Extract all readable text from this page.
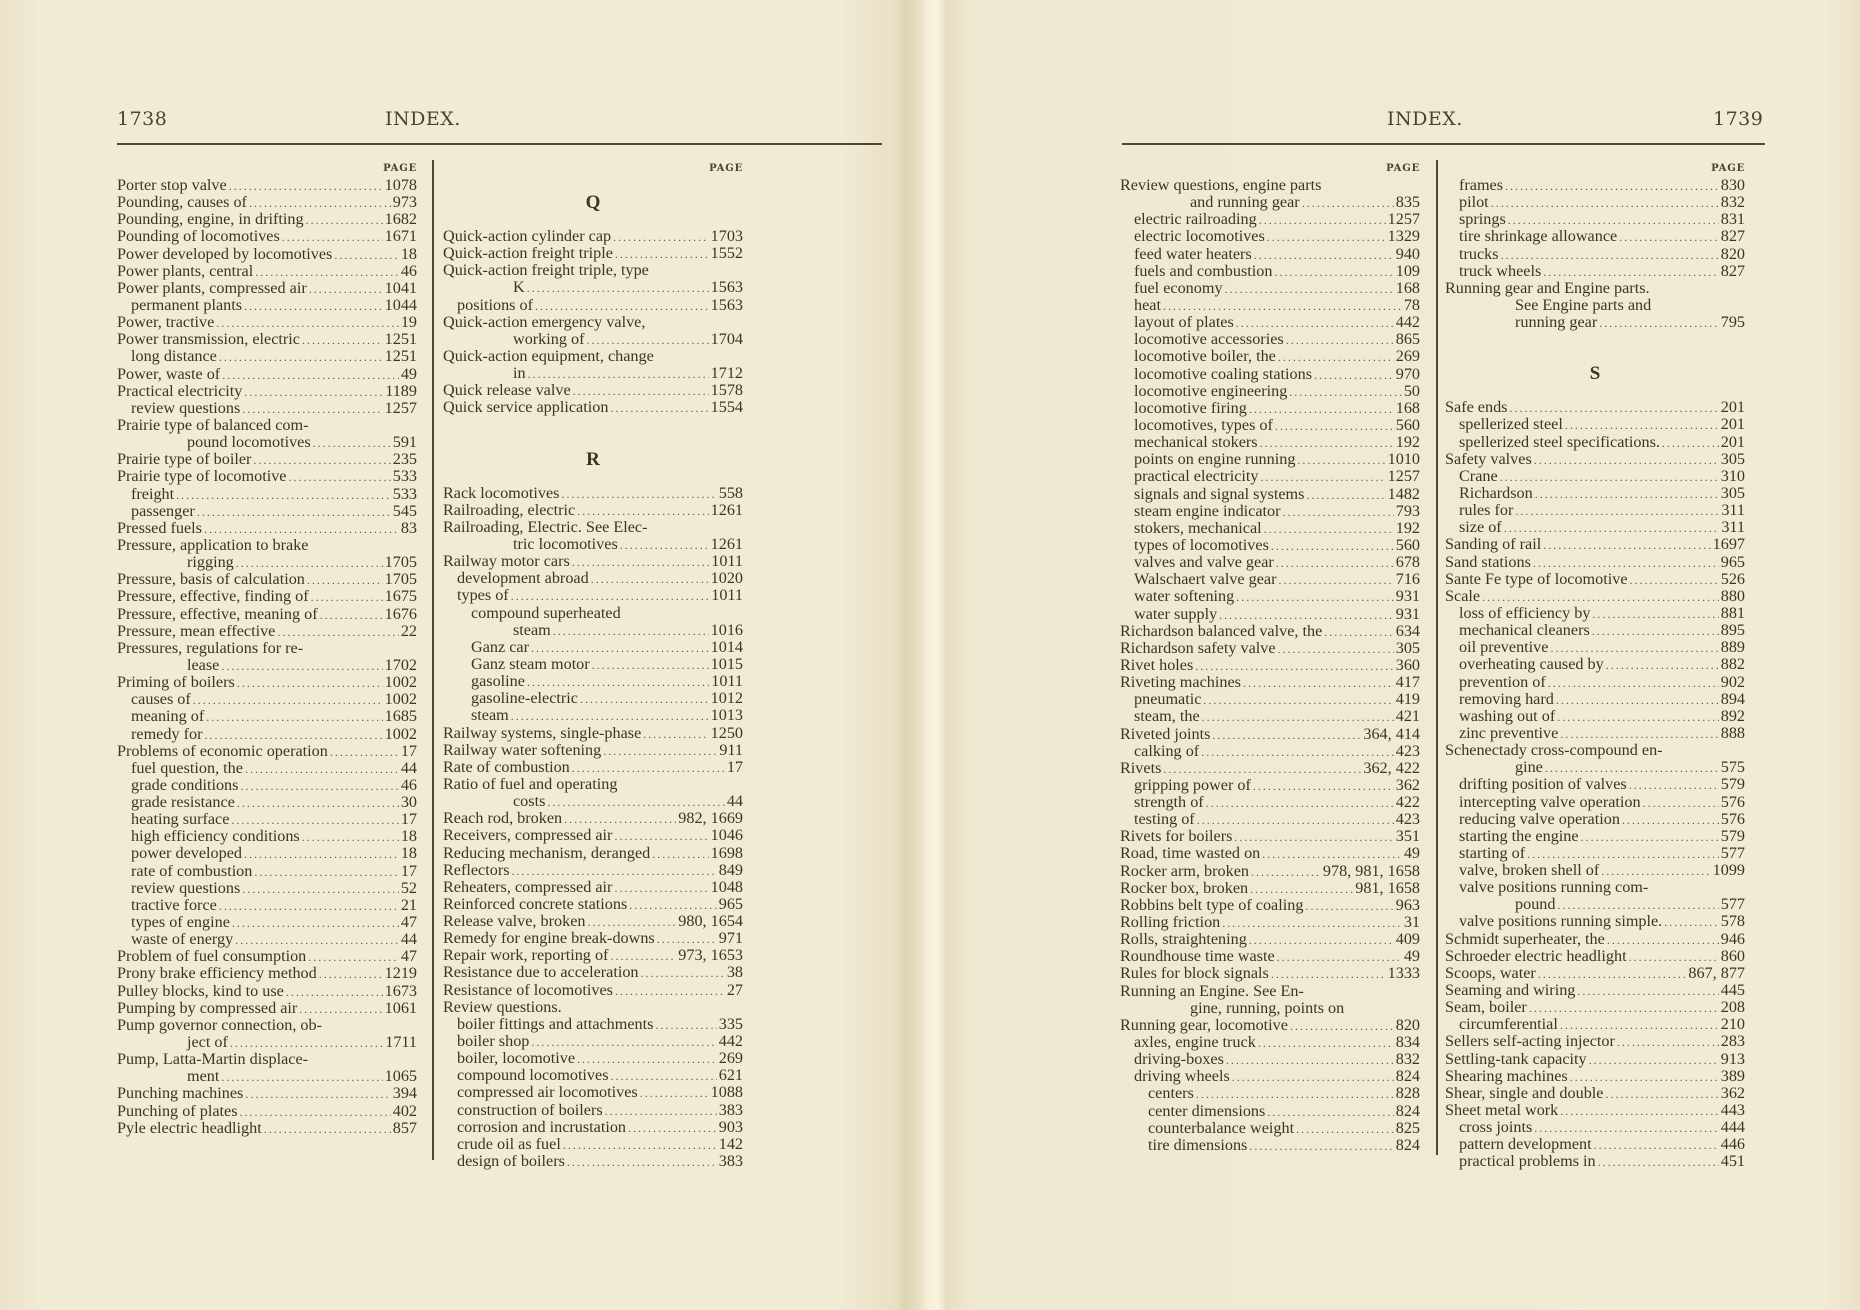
1738	INDEX.
PAGE
Porter stop valve .....	1078
Pounding, causes of .....	973
Pounding, engine, in drifting .....	1682
Pounding of locomotives .....	1671
Power developed by locomotives .....	18
Power plants, central .....	46
Power plants, compressed air .....	1041
permanent plants .....	1044
Power, tractive .....	19
Power transmission, electric .....	1251
long distance .....	1251
Power, waste of .....	49
Practical electricity .....	1189
review questions .....	1257
Prairie type of balanced com-
pound locomotives .....	591
Prairie type of boiler .....	235
Prairie type of locomotive .....	533
freight .....	533
passenger .....	545
Pressed fuels .....	83
Pressure, application to brake
rigging .....	1705
Pressure, basis of calculation .....	1705
Pressure, effective, finding of .....	1675
Pressure, effective, meaning of .....	1676
Pressure, mean effective .....	22
Pressures, regulations for re-
lease .....	1702
Priming of boilers .....	1002
causes of .....	1002
meaning of .....	1685
remedy for .....	1002
Problems of economic operation .....	17
fuel question, the .....	44
grade conditions .....	46
grade resistance .....	30
heating surface .....	17
high efficiency conditions .....	18
power developed .....	18
rate of combustion .....	17
review questions .....	52
tractive force .....	21
types of engine .....	47
waste of energy .....	44
Problem of fuel consumption .....	47
Prony brake efficiency method .....	1219
Pulley blocks, kind to use .....	1673
Pumping by compressed air .....	1061
Pump governor connection, ob-
ject of .....	1711
Pump, Latta-Martin displace-
ment .....	1065
Punching machines .....	394
Punching of plates .....	402
Pyle electric headlight .....	857
PAGE
Q
Quick-action cylinder cap .....	1703
Quick-action freight triple .....	1552
Quick-action freight triple, type
K .....	1563
positions of .....	1563
Quick-action emergency valve,
working of .....	1704
Quick-action equipment, change
in .....	1712
Quick release valve .....	1578
Quick service application .....	1554
R
Rack locomotives .....	558
Railroading, electric .....	1261
Railroading, Electric. See Elec-
tric locomotives .....	1261
Railway motor cars .....	1011
development abroad .....	1020
types of .....	1011
compound superheated
steam .....	1016
Ganz car .....	1014
Ganz steam motor .....	1015
gasoline .....	1011
gasoline-electric .....	1012
steam .....	1013
Railway systems, single-phase .....	1250
Railway water softening .....	911
Rate of combustion .....	17
Ratio of fuel and operating
costs .....	44
Reach rod, broken .....	982, 1669
Receivers, compressed air .....	1046
Reducing mechanism, deranged .....	1698
Reflectors .....	849
Reheaters, compressed air .....	1048
Reinforced concrete stations .....	965
Release valve, broken .....	980, 1654
Remedy for engine break-downs .....	971
Repair work, reporting of .....	973, 1653
Resistance due to acceleration .....	38
Resistance of locomotives .....	27
Review questions.
boiler fittings and attachments .....	335
boiler shop .....	442
boiler, locomotive .....	269
compound locomotives .....	621
compressed air locomotives .....	1088
construction of boilers .....	383
corrosion and incrustation .....	903
crude oil as fuel .....	142
design of boilers .....	383
INDEX.	1739
PAGE
Review questions, engine parts
and running gear .....	835
electric railroading .....	1257
electric locomotives .....	1329
feed water heaters .....	940
fuels and combustion .....	109
fuel economy .....	168
heat .....	78
layout of plates .....	442
locomotive accessories .....	865
locomotive boiler, the .....	269
locomotive coaling stations .....	970
locomotive engineering .....	50
locomotive firing .....	168
locomotives, types of .....	560
mechanical stokers .....	192
points on engine running .....	1010
practical electricity .....	1257
signals and signal systems .....	1482
steam engine indicator .....	793
stokers, mechanical .....	192
types of locomotives .....	560
valves and valve gear .....	678
Walschaert valve gear .....	716
water softening .....	931
water supply .....	931
Richardson balanced valve, the .....	634
Richardson safety valve .....	305
Rivet holes .....	360
Riveting machines .....	417
pneumatic .....	419
steam, the .....	421
Riveted joints .....	364, 414
calking of .....	423
Rivets .....	362, 422
gripping power of .....	362
strength of .....	422
testing of .....	423
Rivets for boilers .....	351
Road, time wasted on .....	49
Rocker arm, broken .....	978, 981, 1658
Rocker box, broken .....	981, 1658
Robbins belt type of coaling .....	963
Rolling friction .....	31
Rolls, straightening .....	409
Roundhouse time waste .....	49
Rules for block signals .....	1333
Running an Engine. See En-
gine, running, points on
Running gear, locomotive .....	820
axles, engine truck .....	834
driving-boxes .....	832
driving wheels .....	824
centers .....	828
center dimensions .....	824
counterbalance weight .....	825
tire dimensions .....	824
PAGE
frames .....	830
pilot .....	832
springs .....	831
tire shrinkage allowance .....	827
trucks .....	820
truck wheels .....	827
Running gear and Engine parts.
See Engine parts and
running gear .....	795
S
Safe ends .....	201
spellerized steel .....	201
spellerized steel specifications. .....	201
Safety valves .....	305
Crane .....	310
Richardson .....	305
rules for .....	311
size of .....	311
Sanding of rail .....	1697
Sand stations .....	965
Sante Fe type of locomotive .....	526
Scale .....	880
loss of efficiency by .....	881
mechanical cleaners .....	895
oil preventive .....	889
overheating caused by .....	882
prevention of .....	902
removing hard .....	894
washing out of .....	892
zinc preventive .....	888
Schenectady cross-compound en-
gine .....	575
drifting position of valves .....	579
intercepting valve operation .....	576
reducing valve operation .....	576
starting the engine .....	579
starting of .....	577
valve, broken shell of .....	1099
valve positions running com-
pound .....	577
valve positions running simple. .....	578
Schmidt superheater, the .....	946
Schroeder electric headlight .....	860
Scoops, water .....	867, 877
Seaming and wiring .....	445
Seam, boiler .....	208
circumferential .....	210
Sellers self-acting injector .....	283
Settling-tank capacity .....	913
Shearing machines .....	389
Shear, single and double .....	362
Sheet metal work .....	443
cross joints .....	444
pattern development .....	446
practical problems in .....	451
